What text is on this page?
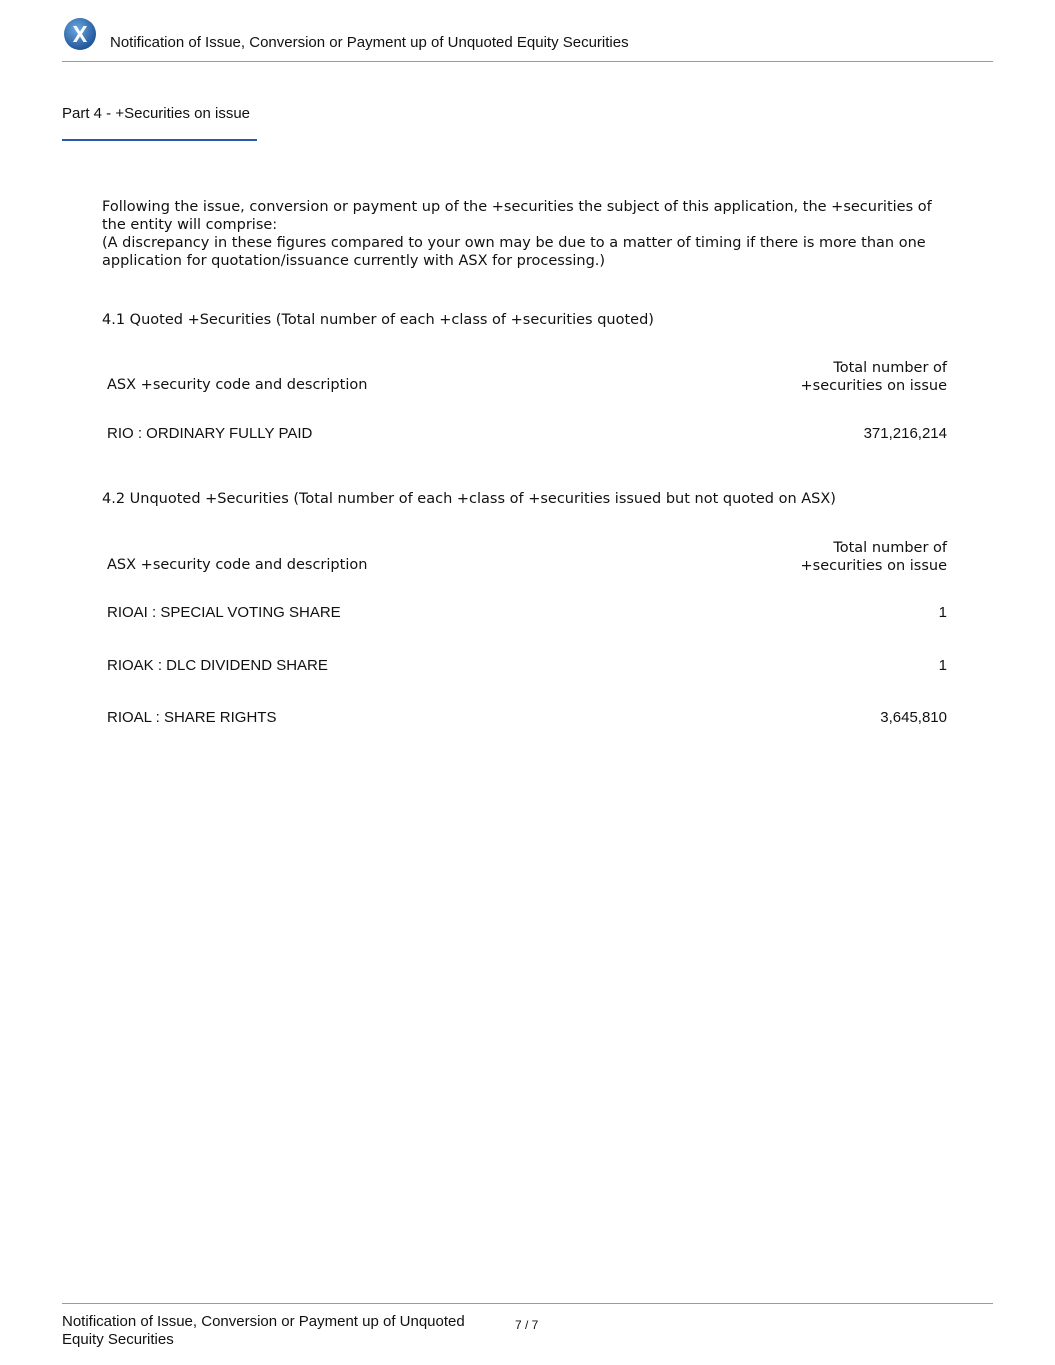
Notification of Issue, Conversion or Payment up of Unquoted Equity Securities
Part 4 - +Securities on issue
Following the issue, conversion or payment up of the +securities the subject of this application, the +securities of the entity will comprise:
(A discrepancy in these figures compared to your own may be due to a matter of timing if there is more than one application for quotation/issuance currently with ASX for processing.)
4.1 Quoted +Securities (Total number of each +class of +securities quoted)
ASX +security code and description
Total number of
+securities on issue
RIO : ORDINARY FULLY PAID	371,216,214
4.2 Unquoted +Securities (Total number of each +class of +securities issued but not quoted on ASX)
ASX +security code and description
Total number of
+securities on issue
RIOAI : SPECIAL VOTING SHARE	1
RIOAK : DLC DIVIDEND SHARE	1
RIOAL : SHARE RIGHTS	3,645,810
Notification of Issue, Conversion or Payment up of Unquoted Equity Securities
7 / 7
